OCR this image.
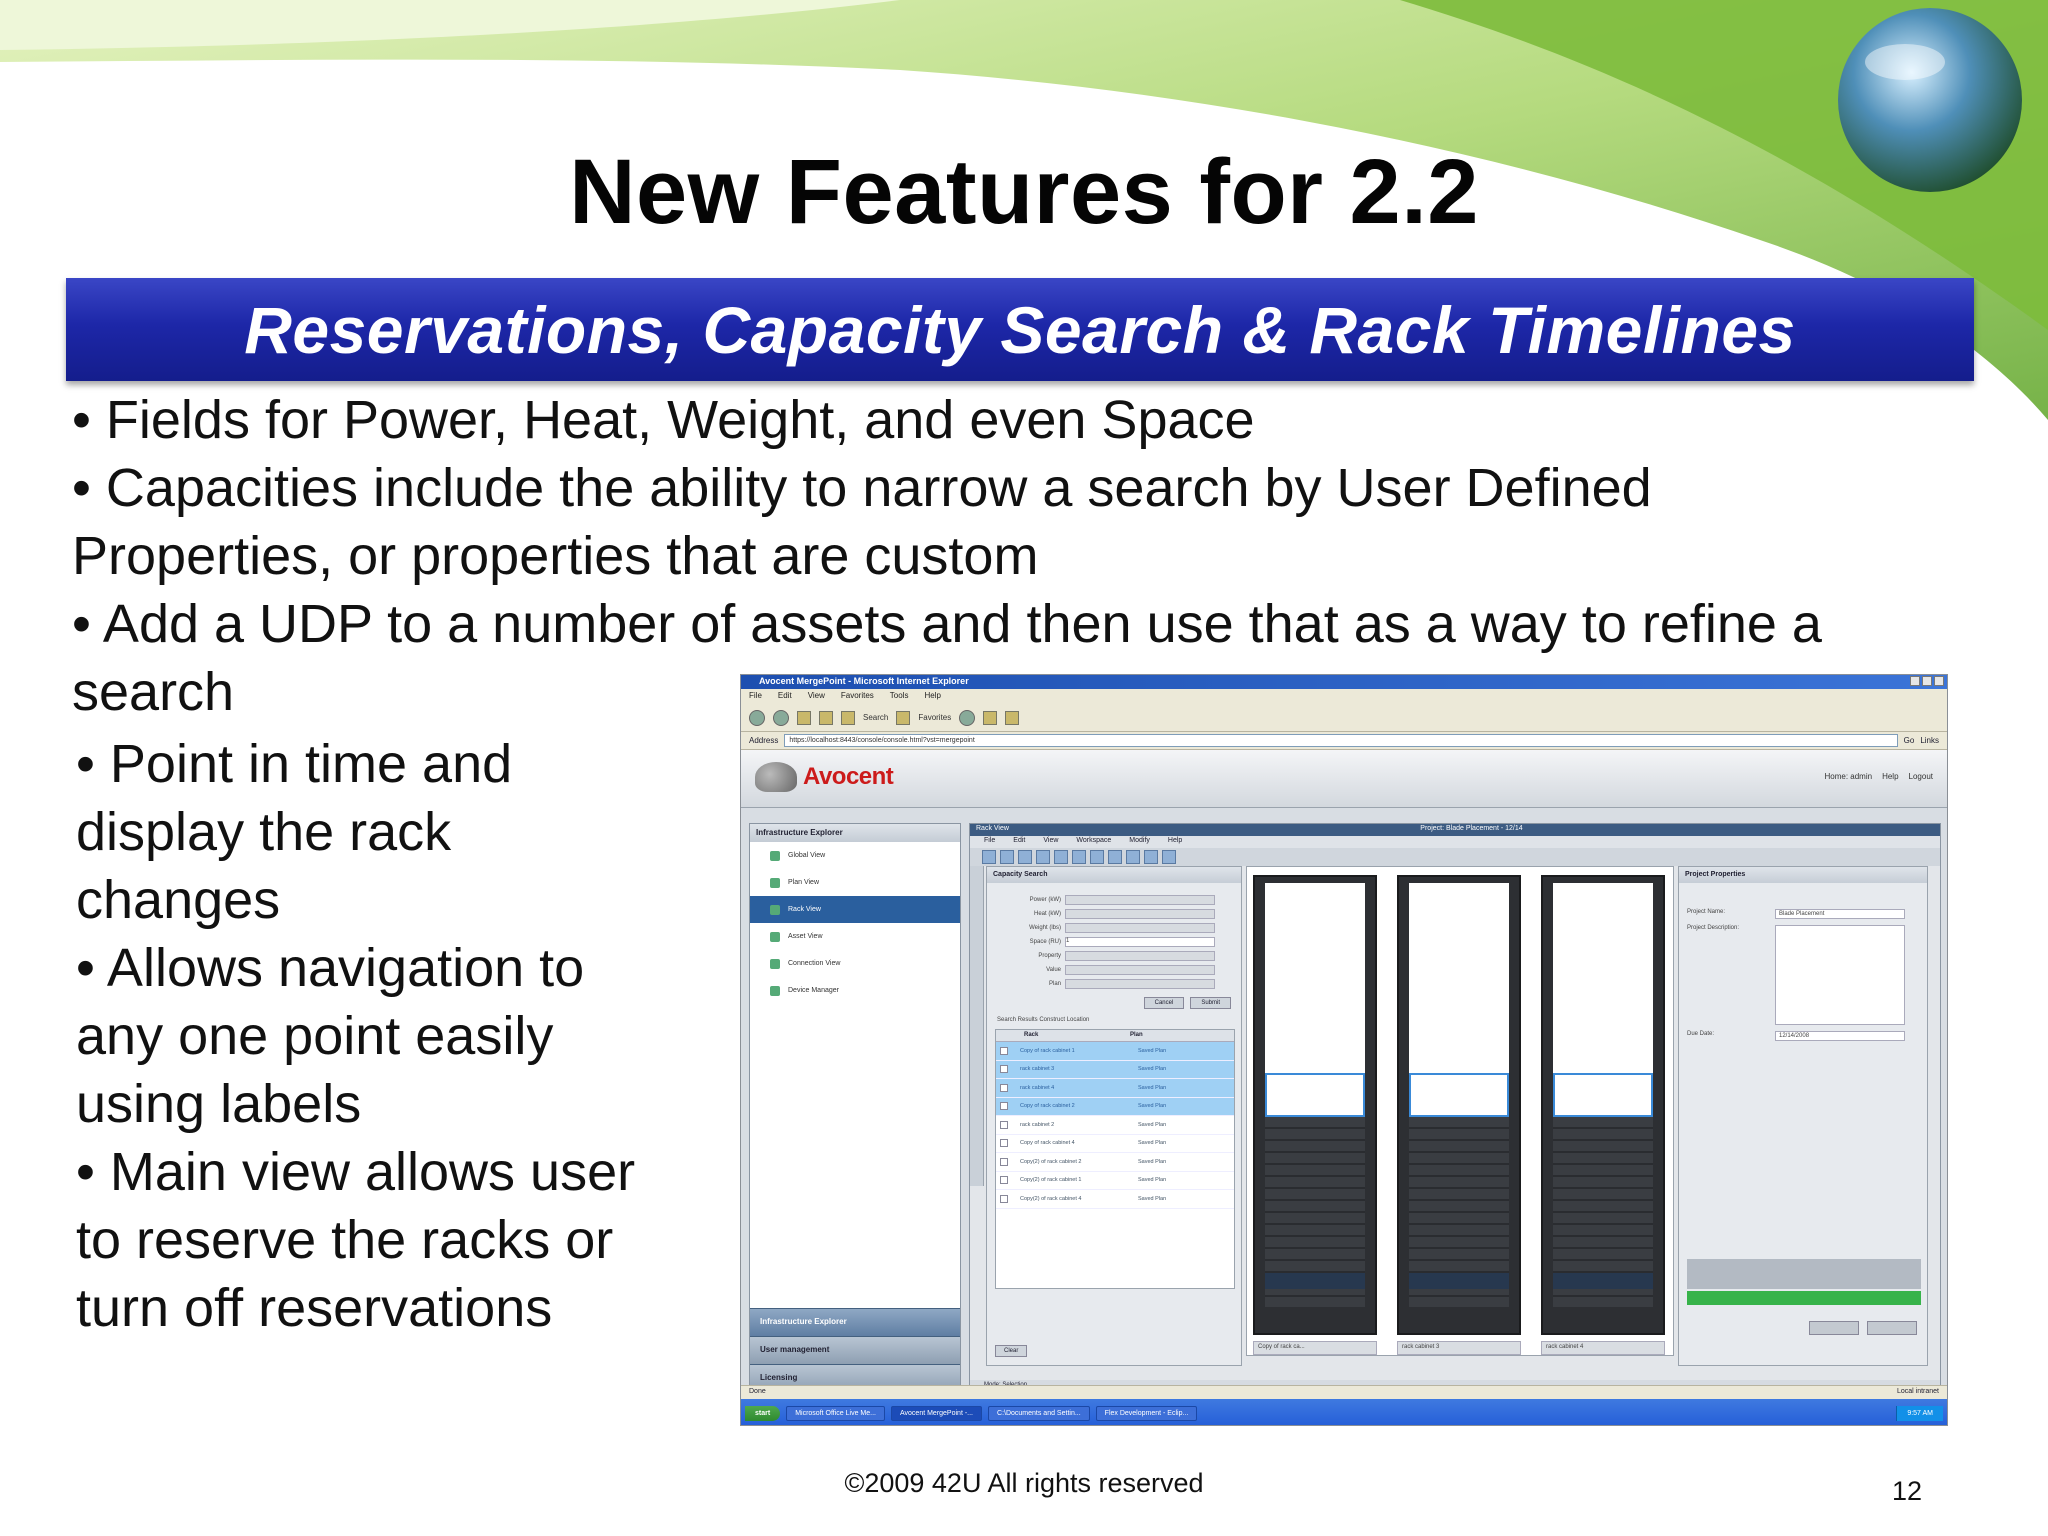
New Features for 2.2
Reservations, Capacity Search & Rack Timelines

• Fields for Power, Heat, Weight, and even Space

• Capacities include the ability to narrow a search by User Defined

Properties, or properties that are custom

• Add a UDP to a number of assets and then use that as a way to refine a

search

• Point in time and

display the rack

changes

• Allows navigation to

any one point easily

using labels

• Main view allows user

to reserve the racks or

turn off reservations

Avocent MergePoint - Microsoft Internet Explorer
File Edit View Favorites Tools Help
Search	Favorites
Address	https://localhost:8443/console/console.html?vst=mergepoint	Go Links
Avocent	Home: admin Help Logout
Infrastructure Explorer
Global View
Plan View
Rack View
Asset View
Connection View
Device Manager
Infrastructure Explorer
User management
Licensing
Rack View	Project: Blade Placement - 12/14
File	Edit	View	Workspace	Modify	Help
Capacity Search
Power (kW)
Heat (kW)
Weight (lbs)
Space (RU) 1
Property
Value
Plan
Cancel	Submit
Search Results Construct Location
Rack	Plan
Copy of rack cabinet 1	Saved Plan
rack cabinet 3	Saved Plan
rack cabinet 4	Saved Plan
Copy of rack cabinet 2	Saved Plan
rack cabinet 2	Saved Plan
Copy of rack cabinet 4	Saved Plan
Copy(2) of rack cabinet 2	Saved Plan
Copy(2) of rack cabinet 1	Saved Plan
Copy(2) of rack cabinet 4	Saved Plan
Clear
Copy of rack ca...	rack cabinet 3	rack cabinet 4
Project Properties
Project Name:	Blade Placement
Project Description:
Due Date:	12/14/2008
Done	Local intranet
start	Microsoft Office Live Me...	Avocent MergePoint -...	C:\Documents and Settin...	Flex Development - Eclip...	9:57 AM
©2009 42U All rights reserved	12
